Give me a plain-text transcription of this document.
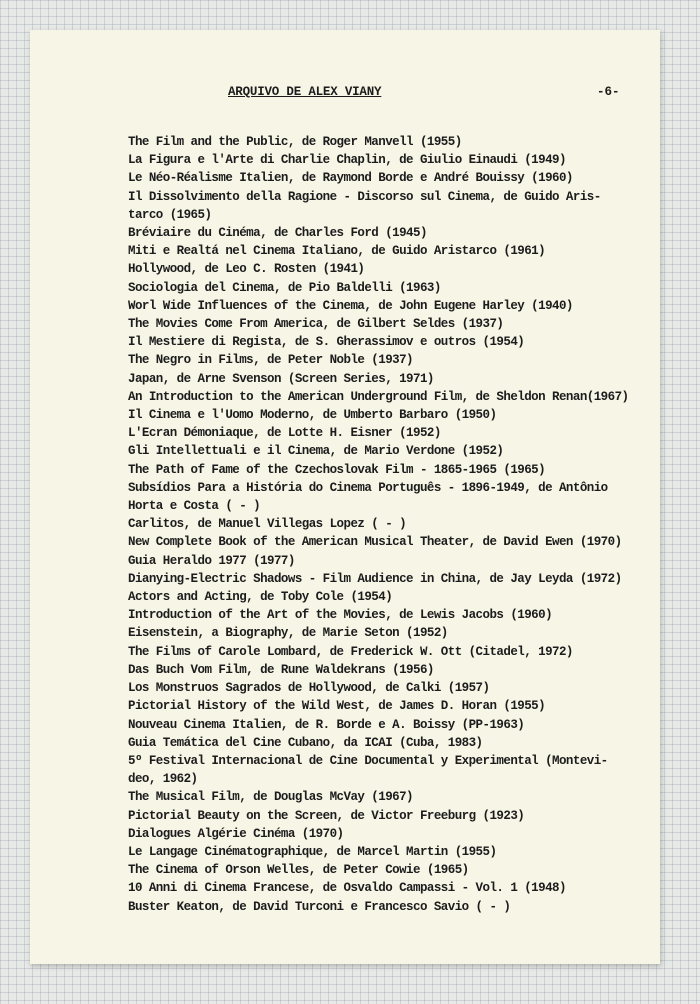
ARQUIVO DE ALEX VIANY	-6-
The Film and the Public, de Roger Manvell (1955)
La Figura e l'Arte di Charlie Chaplin, de Giulio Einaudi (1949)
Le Néo-Réalisme Italien, de Raymond Borde e André Bouissy (1960)
Il Dissolvimento della Ragione - Discorso sul Cinema, de Guido Aris-
tarco (1965)
Bréviaire du Cinéma, de Charles Ford (1945)
Miti e Realtá nel Cinema Italiano, de Guido Aristarco (1961)
Hollywood, de Leo C. Rosten (1941)
Sociologia del Cinema, de Pio Baldelli (1963)
Worl Wide Influences of the Cinema, de John Eugene Harley (1940)
The Movies Come From America, de Gilbert Seldes (1937)
Il Mestiere di Regista, de S. Gherassimov e outros (1954)
The Negro in Films, de Peter Noble (1937)
Japan, de Arne Svenson (Screen Series, 1971)
An Introduction to the American Underground Film, de Sheldon Renan(1967)
Il Cinema e l'Uomo Moderno, de Umberto Barbaro (1950)
L'Ecran Démoniaque, de Lotte H. Eisner (1952)
Gli Intellettuali e il Cinema, de Mario Verdone (1952)
The Path of Fame of the Czechoslovak Film - 1865-1965 (1965)
Subsídios Para a História do Cinema Português - 1896-1949, de Antônio
Horta e Costa ( - )
Carlitos, de Manuel Villegas Lopez ( - )
New Complete Book of the American Musical Theater, de David Ewen (1970)
Guia Heraldo 1977 (1977)
Dianying-Electric Shadows - Film Audience in China, de Jay Leyda (1972)
Actors and Acting, de Toby Cole (1954)
Introduction of the Art of the Movies, de Lewis Jacobs (1960)
Eisenstein, a Biography, de Marie Seton (1952)
The Films of Carole Lombard, de Frederick W. Ott (Citadel, 1972)
Das Buch Vom Film, de Rune Waldekrans (1956)
Los Monstruos Sagrados de Hollywood, de Calki (1957)
Pictorial History of the Wild West, de James D. Horan (1955)
Nouveau Cinema Italien, de R. Borde e A. Boissy (PP-1963)
Guia Temática del Cine Cubano, da ICAI (Cuba, 1983)
5º Festival Internacional de Cine Documental y Experimental (Montevi-
deo, 1962)
The Musical Film, de Douglas McVay (1967)
Pictorial Beauty on the Screen, de Victor Freeburg (1923)
Dialogues Algérie Cinéma (1970)
Le Langage Cinématographique, de Marcel Martin (1955)
The Cinema of Orson Welles, de Peter Cowie (1965)
10 Anni di Cinema Francese, de Osvaldo Campassi - Vol. 1 (1948)
Buster Keaton, de David Turconi e Francesco Savio ( - )
